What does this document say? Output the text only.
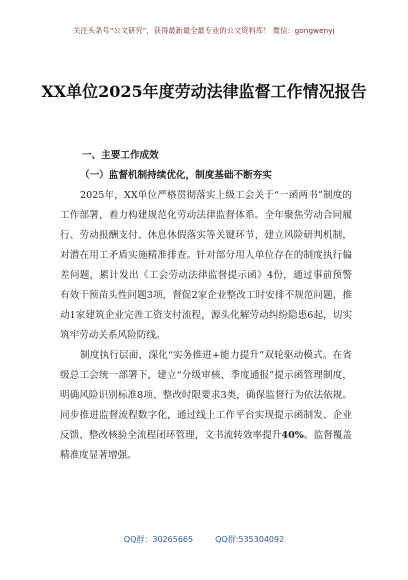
关注头条号“公文研究”，获得最新最全最专业的公文资料库！ 微信：gongwenyj
XX单位2025年度劳动法律监督工作情况报告
一、主要工作成效
（一）监督机制持续优化，制度基础不断夯实

2025年，XX单位严格贯彻落实上级工会关于“一函两书”制度的工作部署，着力构建规范化劳动法律监督体系。全年聚焦劳动合同履行、劳动报酬支付、休息休假落实等关键环节，建立风险研判机制，对潜在用工矛盾实施精准排查。针对部分用人单位存在的制度执行偏差问题，累计发出《工会劳动法律监督提示函》4份，通过事前预警有效干预苗头性问题3项，督促2家企业整改工时安排不规范问题，推动1家建筑企业完善工资支付流程，源头化解劳动纠纷隐患6起，切实筑牢劳动关系风险防线。

制度执行层面，深化“实务推进+能力提升”双轮驱动模式。在省级总工会统一部署下，建立“分级审核、季度通报”提示函管理制度，明确风险识别标准8项、整改时限要求3类，确保监督行为依法依规。同步推进监督流程数字化，通过线上工作平台实现提示函制发、企业反馈、整改核验全流程闭环管理，文书流转效率提升40%。监督覆盖精准度显著增强。

QQ群：30265665	QQ群:535304092
